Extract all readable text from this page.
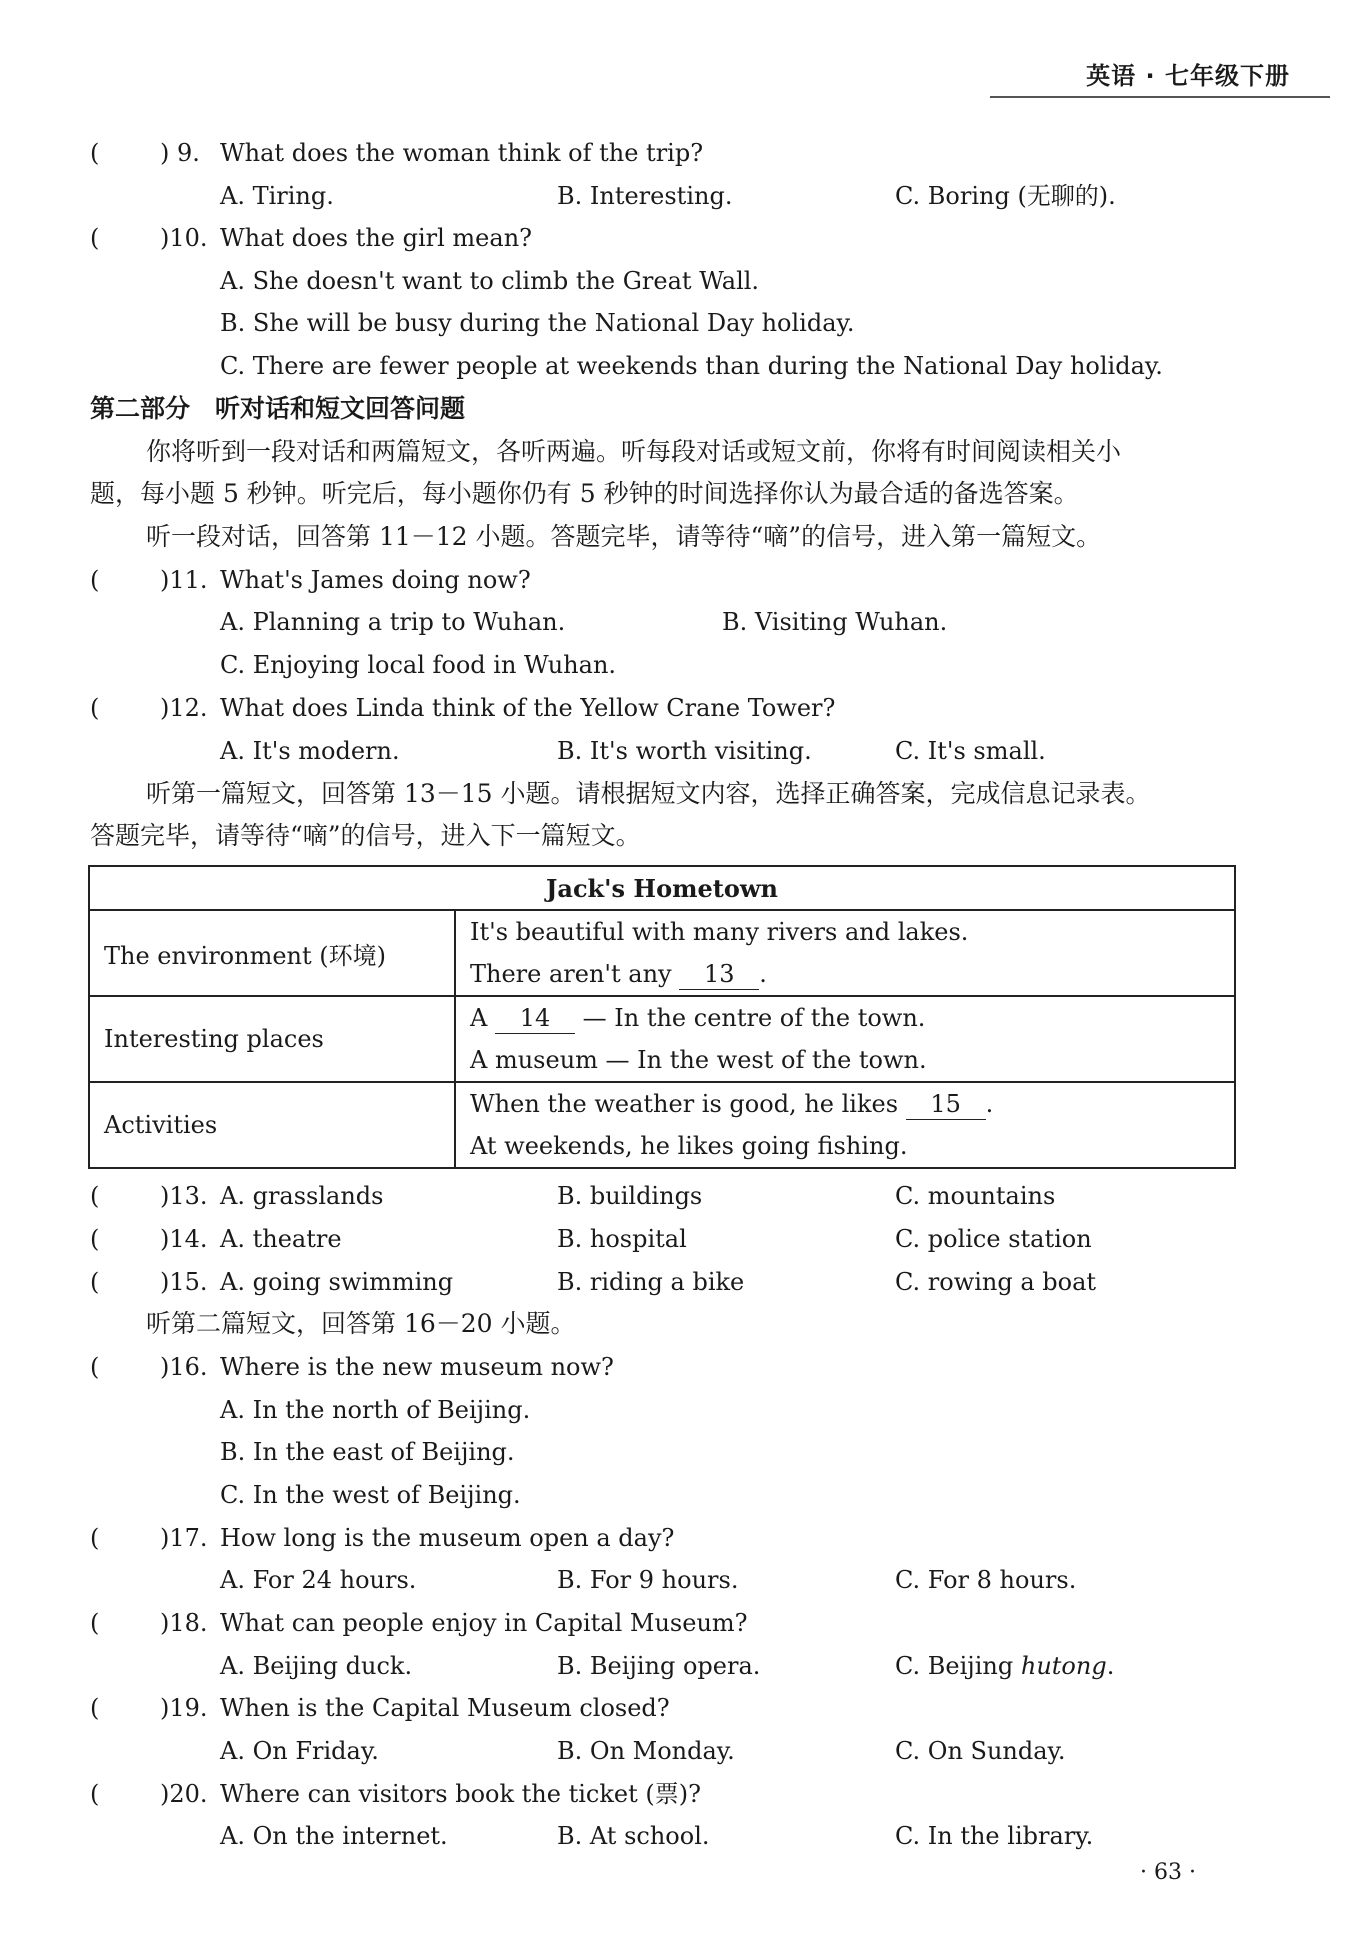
英语 · 七年级下册
(	) 9. What does the woman think of the trip?
A. Tiring.	B. Interesting.	C. Boring (无聊的).
(	)10. What does the girl mean?
A. She doesn't want to climb the Great Wall.
B. She will be busy during the National Day holiday.
C. There are fewer people at weekends than during the National Day holiday.
第二部分　听对话和短文回答问题
你将听到一段对话和两篇短文，各听两遍。听每段对话或短文前，你将有时间阅读相关小
题，每小题 5 秒钟。听完后，每小题你仍有 5 秒钟的时间选择你认为最合适的备选答案。
听一段对话，回答第 11－12 小题。答题完毕，请等待“嘀”的信号，进入第一篇短文。
(	)11. What's James doing now?
A. Planning a trip to Wuhan.	B. Visiting Wuhan.
C. Enjoying local food in Wuhan.
(	)12. What does Linda think of the Yellow Crane Tower?
A. It's modern.	B. It's worth visiting.	C. It's small.
听第一篇短文，回答第 13－15 小题。请根据短文内容，选择正确答案，完成信息记录表。
答题完毕，请等待“嘀”的信号，进入下一篇短文。
Jack's Hometown	
The environment (环境)	It's beautiful with many rivers and lakes.
There aren't any 13 .

Interesting places	A 14 — In the centre of the town.
A museum — In the west of the town.

Activities	When the weather is good, he likes 15 .
At weekends, he likes going fishing.
(	)13. A. grasslands	B. buildings	C. mountains
(	)14. A. theatre	B. hospital	C. police station
(	)15. A. going swimming	B. riding a bike	C. rowing a boat
听第二篇短文，回答第 16－20 小题。
(	)16. Where is the new museum now?
A. In the north of Beijing.
B. In the east of Beijing.
C. In the west of Beijing.
(	)17. How long is the museum open a day?
A. For 24 hours.	B. For 9 hours.	C. For 8 hours.
(	)18. What can people enjoy in Capital Museum?
A. Beijing duck.	B. Beijing opera.	C. Beijing hutong.
(	)19. When is the Capital Museum closed?
A. On Friday.	B. On Monday.	C. On Sunday.
(	)20. Where can visitors book the ticket (票)?
A. On the internet.	B. At school.	C. In the library.
· 63 ·
